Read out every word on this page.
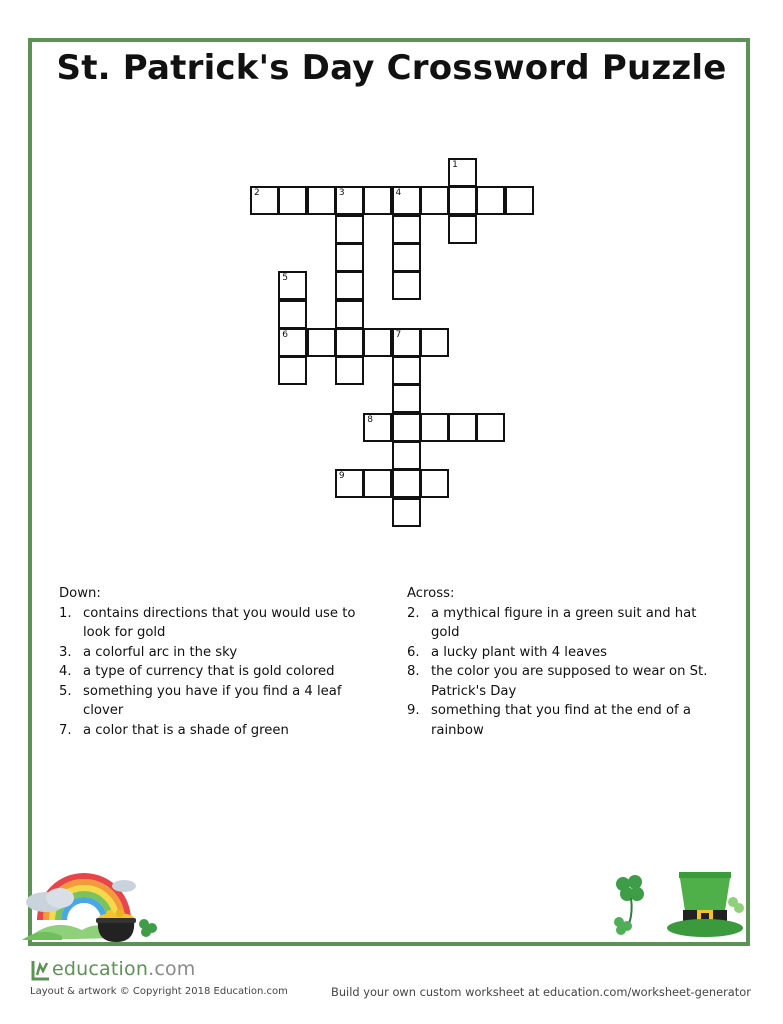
St. Patrick's Day Crossword Puzzle
1
2	3	4
5
6	7
8
9
Down:
1. contains directions that you would use to look for gold
3. a colorful arc in the sky
4. a type of currency that is gold colored
5. something you have if you find a 4 leaf clover
7. a color that is a shade of green
Across:
2. a mythical figure in a green suit and hat gold
6. a lucky plant with 4 leaves
8. the color you are supposed to wear on St. Patrick's Day
9. something that you find at the end of a rainbow
education.com
Layout & artwork © Copyright 2018 Education.com	Build your own custom worksheet at education.com/worksheet-generator
